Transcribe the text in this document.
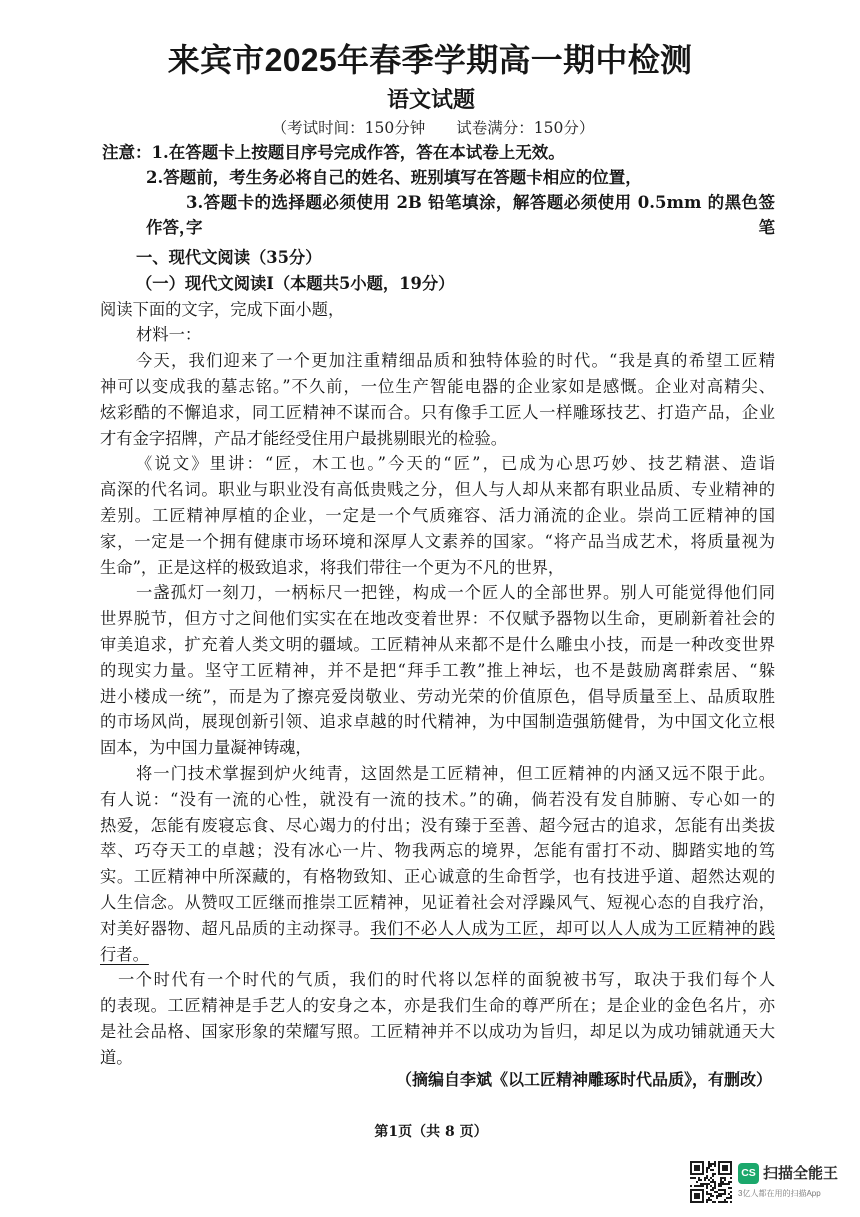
来宾市2025年春季学期高一期中检测
语文试题
（考试时间：150分钟　　试卷满分：150分）
注意：1.在答题卡上按题目序号完成作答，答在本试卷上无效。
2.答题前，考生务必将自己的姓名、班别填写在答题卡相应的位置，
3.答题卡的选择题必须使用 2B 铅笔填涂，解答题必须使用 0.5mm 的黑色签字笔
作答，
一、现代文阅读（35分）
（一）现代文阅读Ⅰ（本题共5小题，19分）
阅读下面的文字，完成下面小题，
材料一：
今天，我们迎来了一个更加注重精细品质和独特体验的时代。“我是真的希望工匠精
神可以变成我的墓志铭。”不久前，一位生产智能电器的企业家如是感慨。企业对高精尖、
炫彩酷的不懈追求，同工匠精神不谋而合。只有像手工匠人一样雕琢技艺、打造产品，企业
才有金字招牌，产品才能经受住用户最挑剔眼光的检验。
《说文》里讲：“匠，木工也。”今天的“匠”，已成为心思巧妙、技艺精湛、造诣
高深的代名词。职业与职业没有高低贵贱之分，但人与人却从来都有职业品质、专业精神的
差别。工匠精神厚植的企业，一定是一个气质雍容、活力涌流的企业。崇尚工匠精神的国
家，一定是一个拥有健康市场环境和深厚人文素养的国家。“将产品当成艺术，将质量视为
生命”，正是这样的极致追求，将我们带往一个更为不凡的世界，
一盏孤灯一刻刀，一柄标尺一把锉，构成一个匠人的全部世界。别人可能觉得他们同
世界脱节，但方寸之间他们实实在在地改变着世界：不仅赋予器物以生命，更刷新着社会的
审美追求，扩充着人类文明的疆域。工匠精神从来都不是什么雕虫小技，而是一种改变世界
的现实力量。坚守工匠精神，并不是把“拜手工教”推上神坛，也不是鼓励离群索居、“躲
进小楼成一统”，而是为了擦亮爱岗敬业、劳动光荣的价值原色，倡导质量至上、品质取胜
的市场风尚，展现创新引领、追求卓越的时代精神，为中国制造强筋健骨，为中国文化立根
固本，为中国力量凝神铸魂，
将一门技术掌握到炉火纯青，这固然是工匠精神，但工匠精神的内涵又远不限于此。
有人说：“没有一流的心性，就没有一流的技术。”的确，倘若没有发自肺腑、专心如一的
热爱，怎能有废寝忘食、尽心竭力的付出；没有臻于至善、超今冠古的追求，怎能有出类拔
萃、巧夺天工的卓越；没有冰心一片、物我两忘的境界，怎能有雷打不动、脚踏实地的笃
实。工匠精神中所深藏的，有格物致知、正心诚意的生命哲学，也有技进乎道、超然达观的
人生信念。从赞叹工匠继而推崇工匠精神，见证着社会对浮躁风气、短视心态的自我疗治，
对美好器物、超凡品质的主动探寻。我们不必人人成为工匠，却可以人人成为工匠精神的践
行者。
一个时代有一个时代的气质，我们的时代将以怎样的面貌被书写，取决于我们每个人
的表现。工匠精神是手艺人的安身之本，亦是我们生命的尊严所在；是企业的金色名片，亦
是社会品格、国家形象的荣耀写照。工匠精神并不以成功为旨归，却足以为成功铺就通天大
道。
（摘编自李斌《以工匠精神雕琢时代品质》，有删改）
第1页（共 8 页）
CS 扫描全能王
3亿人都在用的扫描App
